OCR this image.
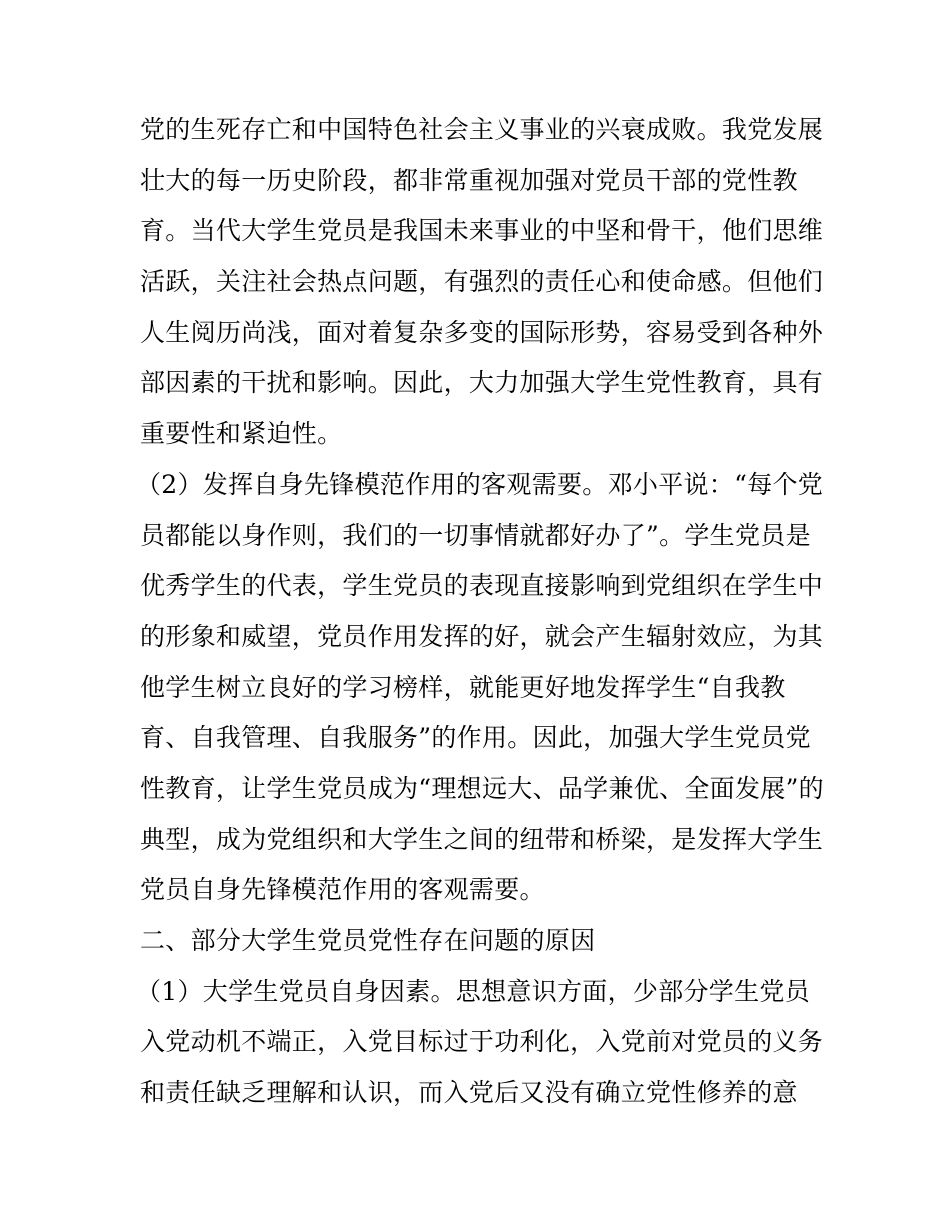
党的生死存亡和中国特色社会主义事业的兴衰成败。我党发展
壮大的每一历史阶段，都非常重视加强对党员干部的党性教
育。当代大学生党员是我国未来事业的中坚和骨干，他们思维
活跃，关注社会热点问题，有强烈的责任心和使命感。但他们
人生阅历尚浅，面对着复杂多变的国际形势，容易受到各种外
部因素的干扰和影响。因此，大力加强大学生党性教育，具有
重要性和紧迫性。
（2）发挥自身先锋模范作用的客观需要。邓小平说：“每个党
员都能以身作则，我们的一切事情就都好办了”。学生党员是
优秀学生的代表，学生党员的表现直接影响到党组织在学生中
的形象和威望，党员作用发挥的好，就会产生辐射效应，为其
他学生树立良好的学习榜样，就能更好地发挥学生“自我教
育、自我管理、自我服务”的作用。因此，加强大学生党员党
性教育，让学生党员成为“理想远大、品学兼优、全面发展”的
典型，成为党组织和大学生之间的纽带和桥梁，是发挥大学生
党员自身先锋模范作用的客观需要。
二、部分大学生党员党性存在问题的原因
（1）大学生党员自身因素。思想意识方面，少部分学生党员
入党动机不端正，入党目标过于功利化，入党前对党员的义务
和责任缺乏理解和认识，而入党后又没有确立党性修养的意
